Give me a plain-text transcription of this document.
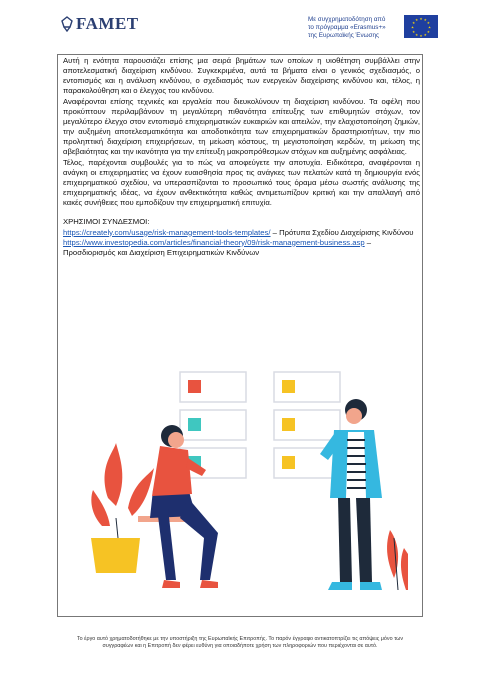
FAMET	Με συγχρηματοδότηση από
το πρόγραμμα «Erasmus+»
της Ευρωπαϊκής Ένωσης
★ ★
★
★
★
★
★
★
★
★
★
★

Αυτή η ενότητα παρουσιάζει επίσης μια σειρά βημάτων των οποίων η υιοθέτηση συμβάλλει στην αποτελεσματική διαχείριση κινδύνου. Συγκεκριμένα, αυτά τα βήματα είναι ο γενικός σχεδιασμός, ο εντοπισμός και η ανάλυση κινδύνου, ο σχεδιασμός των ενεργειών διαχείρισης κινδύνου και, τέλος, η παρακολούθηση και ο έλεγχος του κινδύνου.

Αναφέρονται επίσης τεχνικές και εργαλεία που διευκολύνουν τη διαχείριση κινδύνου. Τα οφέλη που προκύπτουν περιλαμβάνουν τη μεγαλύτερη πιθανότητα επίτευξης των επιθυμητών στόχων, τον μεγαλύτερο έλεγχο στον εντοπισμό επιχειρηματικών ευκαιριών και απειλών, την ελαχιστοποίηση ζημιών, την αυξημένη αποτελεσματικότητα και αποδοτικότητα των επιχειρηματικών δραστηριοτήτων, την πιο προληπτική διαχείριση επιχειρήσεων, τη μείωση κόστους, τη μεγιστοποίηση κερδών, τη μείωση της αβεβαιότητας και την ικανότητα για την επίτευξη μακροπρόθεσμων στόχων και αυξημένης ασφάλειας.

Τέλος, παρέχονται συμβουλές για το πώς να αποφεύγετε την αποτυχία. Ειδικότερα, αναφέρονται η ανάγκη οι επιχειρηματίες να έχουν ευαισθησία προς τις ανάγκες των πελατών κατά τη δημιουργία ενός επιχειρηματικού σχεδίου, να υπερασπίζονται το προσωπικό τους όραμα μέσω σωστής ανάλυσης της επιχειρηματικής ιδέας, να έχουν ανθεκτικότητα καθώς αντιμετωπίζουν κριτική και την απαλλαγή από κακές συνήθειες που εμποδίζουν την επιχειρηματική επιτυχία.

ΧΡΗΣΙΜΟΙ ΣΥΝΔΕΣΜΟΙ:

https://creately.com/usage/risk-management-tools-templates/ – Πρότυπα Σχεδίου Διαχείρισης Κινδύνου

https://www.investopedia.com/articles/financial-theory/09/risk-management-business.asp – Προσδιορισμός και Διαχείριση Επιχειρηματικών Κινδύνων

Το έργο αυτό χρηματοδοτήθηκε με την υποστήριξη της Ευρωπαϊκής Επιτροπής. Το παρόν έγγραφο αντικατοπτρίζει τις απόψεις μόνο των
συγγραφέων και η Επιτροπή δεν φέρει ευθύνη για οποιαδήποτε χρήση των πληροφοριών που περιέχονται σε αυτό.
